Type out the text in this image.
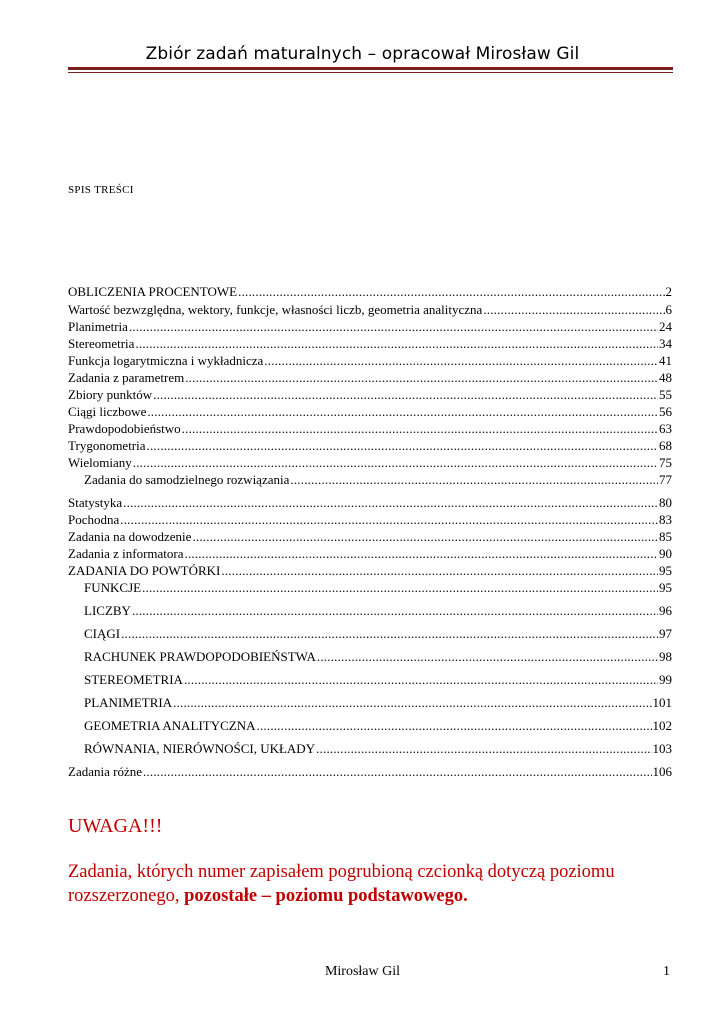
Zbiór zadań maturalnych – opracował Mirosław Gil
SPIS TREŚCI
OBLICZENIA PROCENTOWE .....	2
Wartość bezwzględna, wektory, funkcje, własności liczb, geometria analityczna .....	6
Planimetria .....	24
Stereometria .....	34
Funkcja logarytmiczna i wykładnicza .....	41
Zadania z parametrem .....	48
Zbiory punktów .....	55
Ciągi liczbowe .....	56
Prawdopodobieństwo .....	63
Trygonometria .....	68
Wielomiany .....	75
Zadania do samodzielnego rozwiązania .....	77
Statystyka .....	80
Pochodna .....	83
Zadania na dowodzenie .....	85
Zadania z informatora .....	90
ZADANIA DO POWTÓRKI .....	95
FUNKCJE .....	95
LICZBY .....	96
CIĄGI .....	97
RACHUNEK PRAWDOPODOBIEŃSTWA .....	98
STEREOMETRIA .....	99
PLANIMETRIA .....	101
GEOMETRIA ANALITYCZNA .....	102
RÓWNANIA, NIERÓWNOŚCI, UKŁADY .....	103
Zadania różne .....	106
UWAGA!!!
Zadania, których numer zapisałem pogrubioną czcionką dotyczą poziomu rozszerzonego, pozostałe – poziomu podstawowego.
Mirosław Gil	1
